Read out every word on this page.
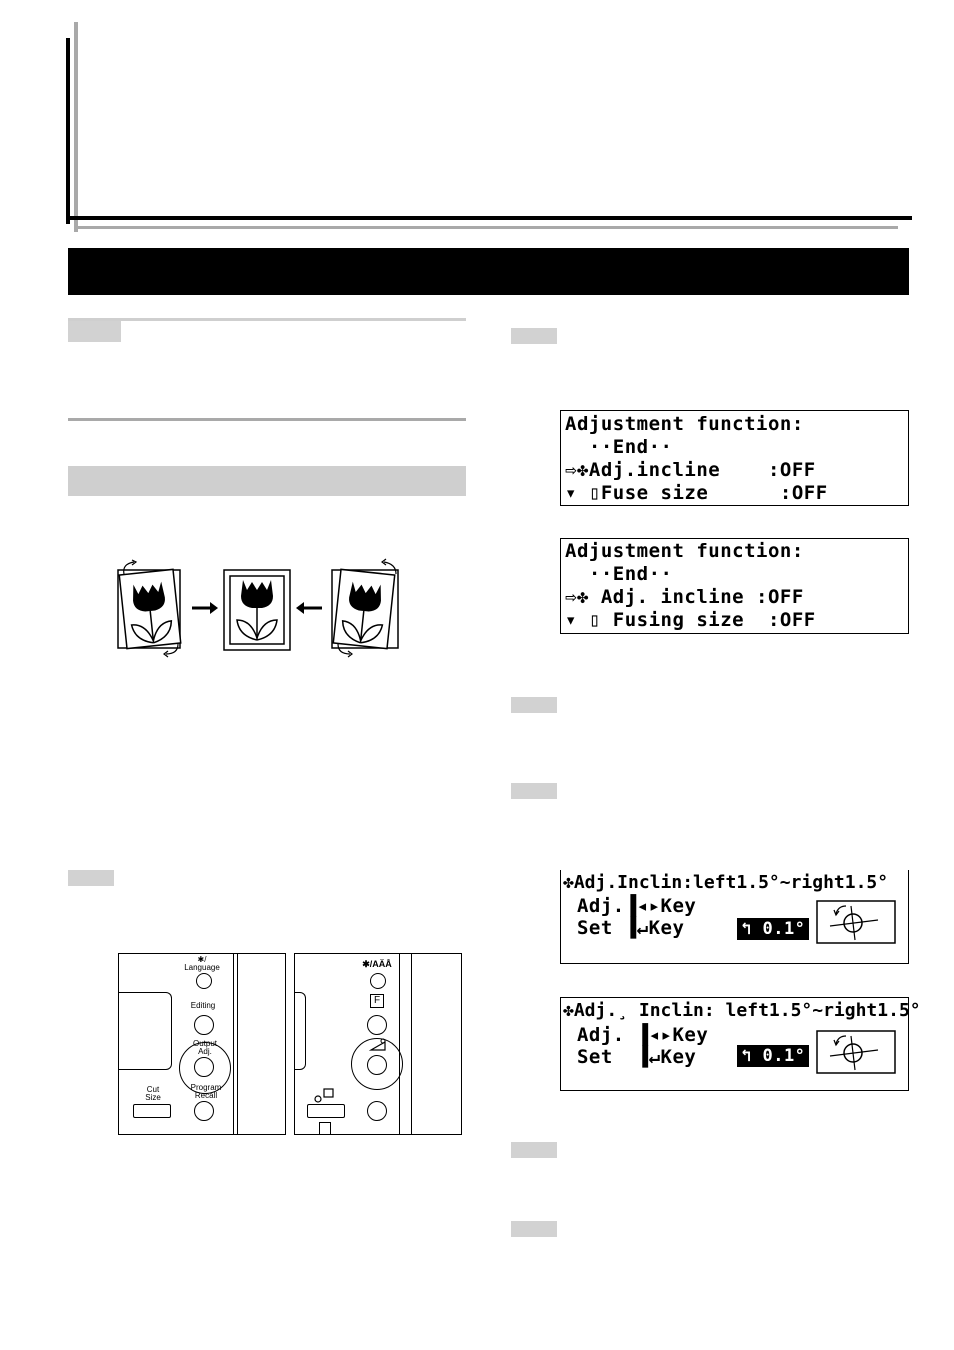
✱/
Language
Editing
Output
Adj.
Program
Recall
Cut
Size
✱/AÄÅ
F
Adjustment function:
··End··
⇨✤Adj.incline    :OFF
▾ ▯Fuse size      :OFF
Adjustment function:
··End··
⇨✤ Adj. incline :OFF
▾ ▯ Fusing size  :OFF
✤Adj.Inclin:left1.5°~right1.5°
Adj.▐◂▸Key
Set ▐↵Key	↰ 0.1°
✤Adj.¸ Inclin: left1.5°~right1.5°
Adj. ▐◂▸Key
Set  ▐↵Key	↰ 0.1°
